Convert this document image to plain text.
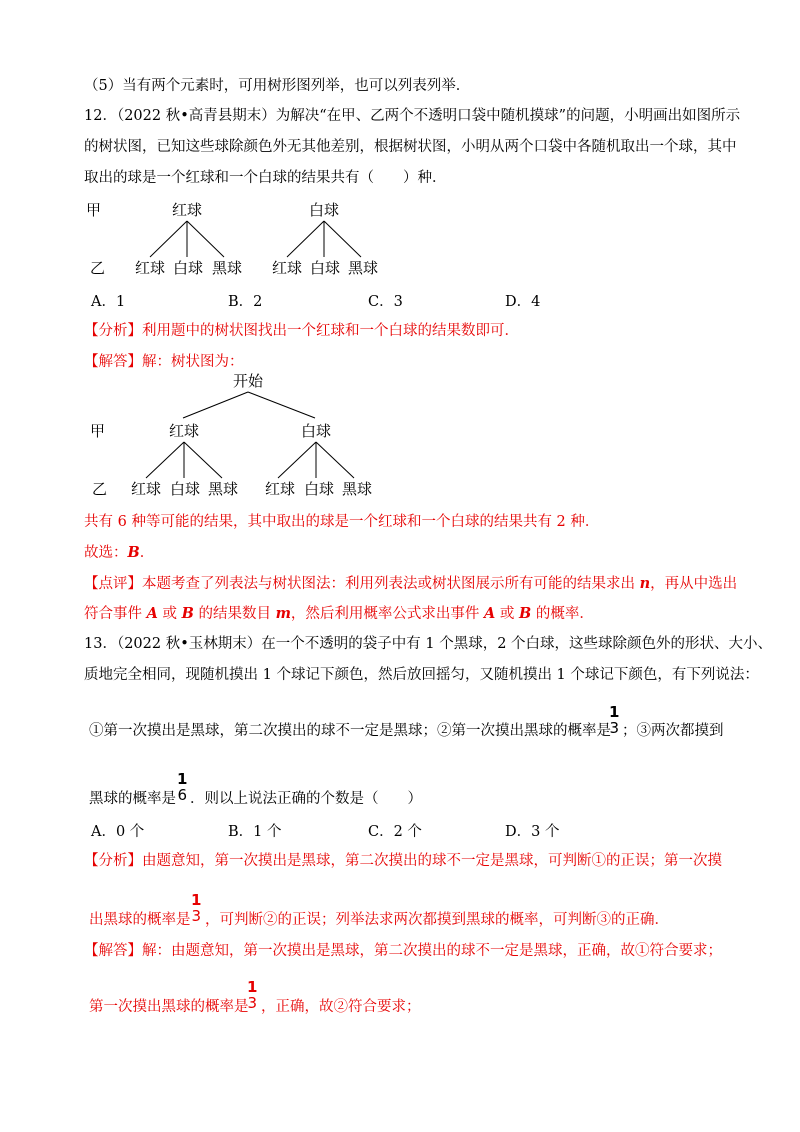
（5）当有两个元素时，可用树形图列举，也可以列表列举．
12．（2022 秋•高青县期末）为解决“在甲、乙两个不透明口袋中随机摸球”的问题，小明画出如图所示
的树状图，已知这些球除颜色外无其他差别，根据树状图，小明从两个口袋中各随机取出一个球，其中
取出的球是一个红球和一个白球的结果共有（　　）种．
甲	红球	白球
乙 红球 白球 黑球 红球 白球 黑球
A．1	B．2	C．3	D．4
【分析】利用题中的树状图找出一个红球和一个白球的结果数即可．
【解答】解：树状图为：
开始
甲	红球	白球
乙 红球 白球 黑球 红球 白球 黑球
共有 6 种等可能的结果，其中取出的球是一个红球和一个白球的结果共有 2 种．
故选：B．
【点评】本题考查了列表法与树状图法：利用列表法或树状图展示所有可能的结果求出 n，再从中选出
符合事件 A 或 B 的结果数目 m，然后利用概率公式求出事件 A 或 B 的概率．
13．（2022 秋•玉林期末）在一个不透明的袋子中有 1 个黑球，2 个白球，这些球除颜色外的形状、大小、
质地完全相同，现随机摸出 1 个球记下颜色，然后放回摇匀，又随机摸出 1 个球记下颜色，有下列说法：
①第一次摸出是黑球，第二次摸出的球不一定是黑球；②第一次摸出黑球的概率是
1
3 ；③两次都摸到
黑球的概率是
1
6 ．则以上说法正确的个数是（　　）
A．0 个	B．1 个	C．2 个	D．3 个
【分析】由题意知，第一次摸出是黑球，第二次摸出的球不一定是黑球，可判断①的正误；第一次摸
出黑球的概率是
1
3 ，可判断②的正误；列举法求两次都摸到黑球的概率，可判断③的正确．
【解答】解：由题意知，第一次摸出是黑球，第二次摸出的球不一定是黑球，正确，故①符合要求；
第一次摸出黑球的概率是
1
3 ，正确，故②符合要求；
